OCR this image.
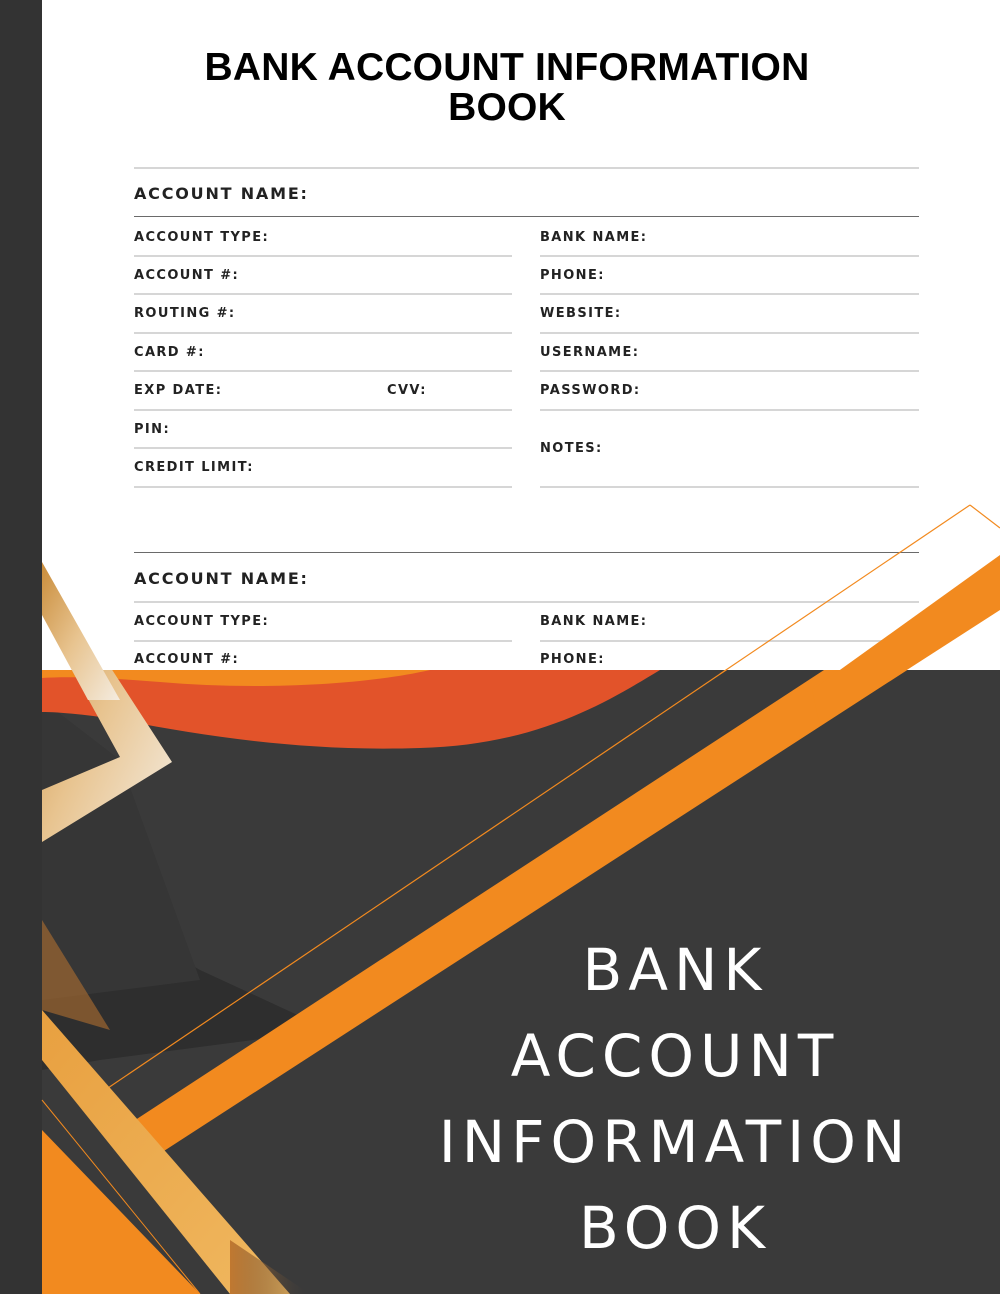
BANK ACCOUNT INFORMATION
BOOK
ACCOUNT NAME:
ACCOUNT TYPE:
ACCOUNT #:
ROUTING #:
CARD #:
EXP DATE:	CVV:
PIN:
CREDIT LIMIT:
BANK NAME:
PHONE:
WEBSITE:
USERNAME:
PASSWORD:
NOTES:
ACCOUNT NAME:
ACCOUNT TYPE:
ACCOUNT #:
BANK NAME:
PHONE:
BANK
ACCOUNT
INFORMATION
BOOK
